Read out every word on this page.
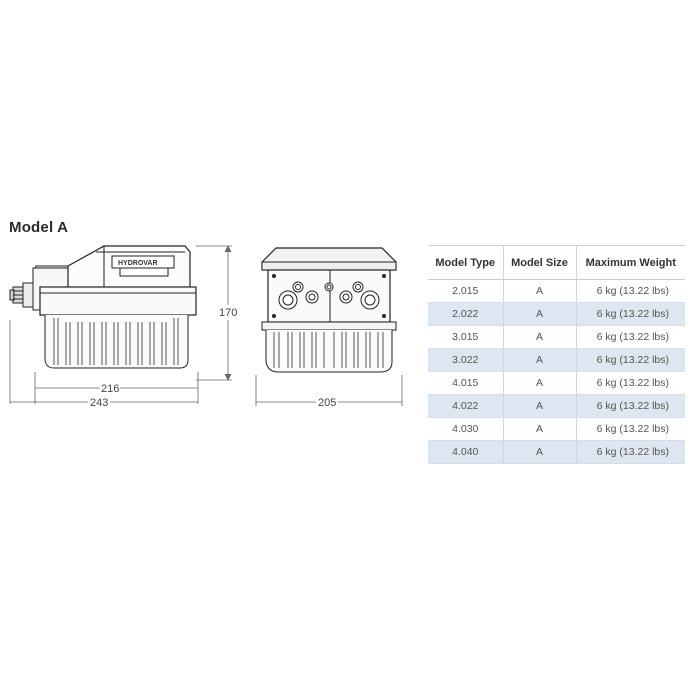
Model A
HYDROVAR
170
216
243	205
Model Type	Model Size	Maximum Weight
2.015	A	6 kg (13.22 lbs)
2.022	A	6 kg (13.22 lbs)
3.015	A	6 kg (13.22 lbs)
3.022	A	6 kg (13.22 lbs)
4.015	A	6 kg (13.22 lbs)
4.022	A	6 kg (13.22 lbs)
4.030	A	6 kg (13.22 lbs)
4.040	A	6 kg (13.22 lbs)
